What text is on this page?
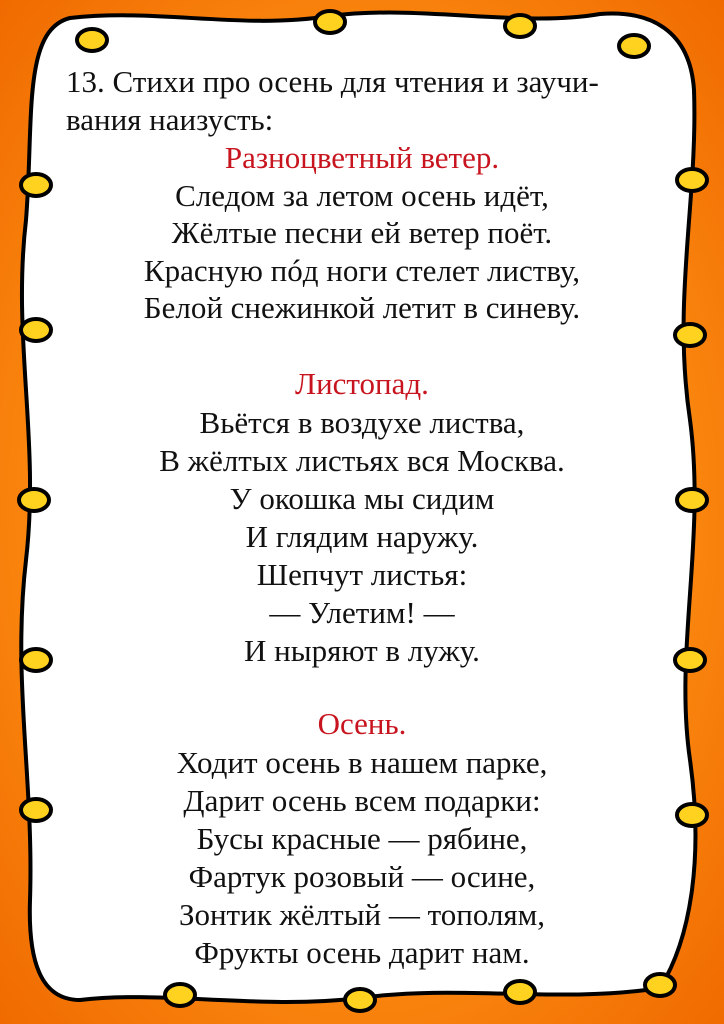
13. Стихи про осень для чтения и заучи-
вания наизусть:
Разноцветный ветер.
Следом за летом осень идёт,
Жёлтые песни ей ветер поёт.
Красную пóд ноги стелет листву,
Белой снежинкой летит в синеву.
Листопад.
Вьётся в воздухе листва,
В жёлтых листьях вся Москва.
У окошка мы сидим
И глядим наружу.
Шепчут листья:
— Улетим! —
И ныряют в лужу.
Осень.
Ходит осень в нашем парке,
Дарит осень всем подарки:
Бусы красные — рябине,
Фартук розовый — осине,
Зонтик жёлтый — тополям,
Фрукты осень дарит нам.
